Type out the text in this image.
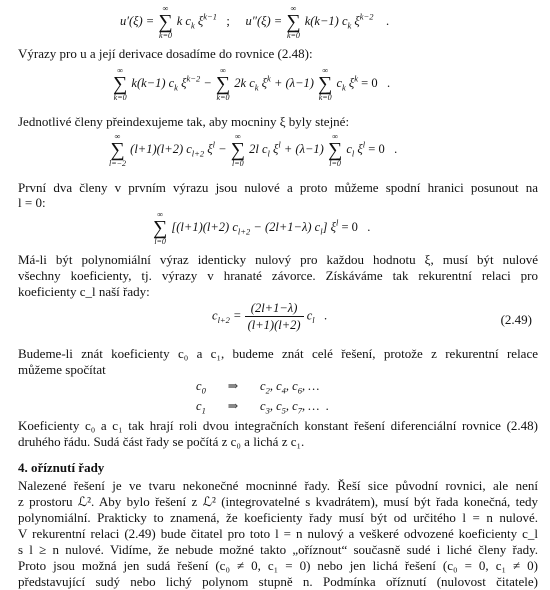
u′(ξ) =
∞
∑
k=0
k $c_k$ $\xi^{k-1}$ ;     u″(ξ) =
∞
∑
k=0
k(k−1) $c_k$ $\xi^{k-2}$ .
Výrazy pro u a její derivace dosadíme do rovnice (2.48):
∞
∑
k=0
k(k−1) $c_k$ $\xi^{k-2}$ −
∞
∑
k=0
2k $c_k$ $\xi^k + (\lambda-1)$
∞
∑
k=0
$c_k$ $\xi^k = 0$ .
Jednotlivé členy přeindexujeme tak, aby mocniny ξ byly stejné:
∞
∑
l=−2
(l+1)(l+2) $c_{l+2}$ $\xi^l$ −
∞
∑
l=0
2l $c_l$ $\xi^l + (\lambda-1)$
∞
∑
l=0
$c_l$ $\xi^l = 0$ .
První dva členy v prvním výrazu jsou nulové a proto můžeme spodní hranici posunout na
l = 0:
∞
∑
l=0
[(l+1)(l+2) $c_{l+2} - (2l+1-\lambda)$ $c_l$] $\xi^l = 0$ .
Má-li být polynomiální výraz identicky nulový pro každou hodnotu ξ, musí být nulové
všechny koeficienty, tj. výrazy v hranaté závorce. Získáváme tak rekurentní relaci pro
koeficienty c_l naší řady:
$c_{l+2} = \frac{(2l+1-\lambda)}{(l+1)(l+2)} c_l$ .	(2.49)
Budeme-li znát koeficienty c₀ a c₁, budeme znát celé řešení, protože z rekurentní relace
můžeme spočítat
$c_0$ ⇒       $c_2$, $c_4$, $c_6$, …
$c_1$ ⇒       $c_3$, $c_5$, $c_7$, …  .
Koeficienty c₀ a c₁ tak hrají roli dvou integračních konstant řešení diferenciální rovnice (2.48)
druhého řádu. Sudá část řady se počítá z c₀ a lichá z c₁.
4. oříznutí řady
Nalezené řešení je ve tvaru nekonečné mocninné řady. Řeší sice původní rovnici, ale není
z prostoru ℒ². Aby bylo řešení z ℒ² (integrovatelné s kvadrátem), musí být řada konečná, tedy
polynomiální. Prakticky to znamená, že koeficienty řady musí být od určitého l = n nulové.
V rekurentní relaci (2.49) bude čitatel pro toto l = n nulový a veškeré odvozené koeficienty c_l
s l ≥ n nulové. Vidíme, že nebude možné takto „oříznout“ současně sudé i liché členy řady.
Proto jsou možná jen sudá řešení (c₀ ≠ 0, c₁ = 0) nebo jen lichá řešení (c₀ = 0, c₁ ≠ 0)
představující sudý nebo lichý polynom stupně n. Podmínka oříznutí (nulovost čitatele)
